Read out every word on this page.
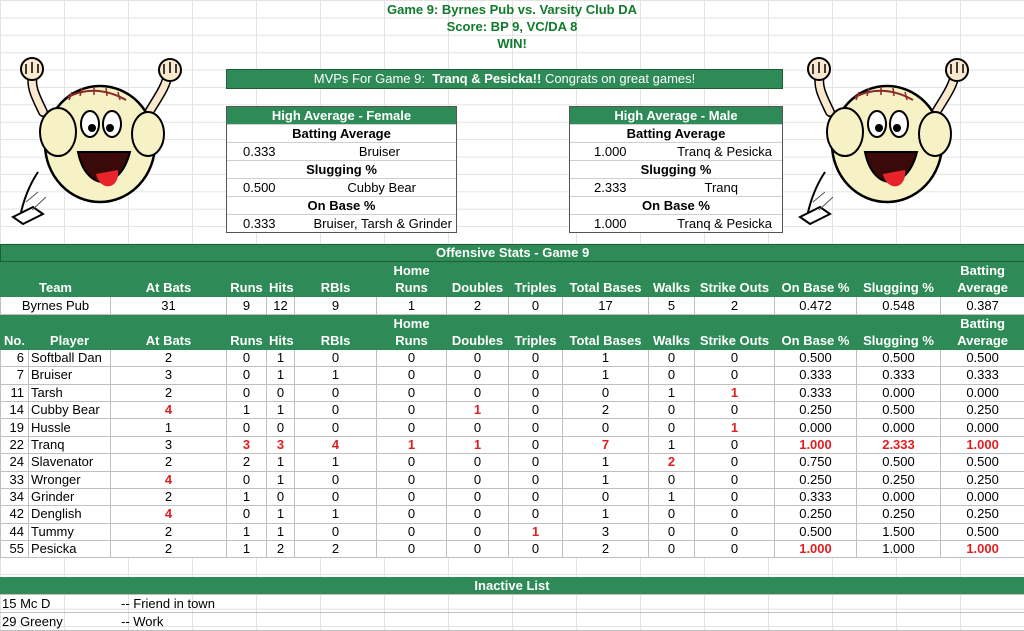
Game 9: Byrnes Pub vs. Varsity Club DA
Score: BP 9, VC/DA 8
WIN!
MVPs For Game 9:  Tranq & Pesicka!! Congrats on great games!
High Average - Female
Batting Average
0.333	Bruiser
Slugging %
0.500	Cubby Bear
On Base %
0.333	Bruiser, Tarsh & Grinder
High Average - Male
Batting Average
1.000	Tranq & Pesicka
Slugging %
2.333	Tranq
On Base %
1.000	Tranq & Pesicka
Offensive Stats - Game 9														
Team		At Bats	Runs	Hits	RBIs	Home Runs	Doubles	Triples	Total Bases	Walks	Strike Outs	On Base %	Slugging %	Batting Average
Byrnes Pub		31	9	12	9	1	2	0	17	5	2	0.472	0.548	0.387
No.	Player	At Bats	Runs	Hits	RBIs	Home Runs	Doubles	Triples	Total Bases	Walks	Strike Outs	On Base %	Slugging %	Batting Average
6	Softball Dan	2	0	1	0	0	0	0	1	0	0	0.500	0.500	0.500
7	Bruiser	3	0	1	1	0	0	0	1	0	0	0.333	0.333	0.333
11	Tarsh	2	0	0	0	0	0	0	0	1	1	0.333	0.000	0.000
14	Cubby Bear	4	1	1	0	0	1	0	2	0	0	0.250	0.500	0.250
19	Hussle	1	0	0	0	0	0	0	0	0	1	0.000	0.000	0.000
22	Tranq	3	3	3	4	1	1	0	7	1	0	1.000	2.333	1.000
24	Slavenator	2	2	1	1	0	0	0	1	2	0	0.750	0.500	0.500
33	Wronger	4	0	1	0	0	0	0	1	0	0	0.250	0.250	0.250
34	Grinder	2	1	0	0	0	0	0	0	1	0	0.333	0.000	0.000
42	Denglish	4	0	1	1	0	0	0	1	0	0	0.250	0.250	0.250
44	Tummy	2	1	1	0	0	0	1	3	0	0	0.500	1.500	0.500
55	Pesicka	2	1	2	2	0	0	0	2	0	0	1.000	1.000	1.000
Inactive List
15 Mc D	-- Friend in town
29 Greeny	-- Work
